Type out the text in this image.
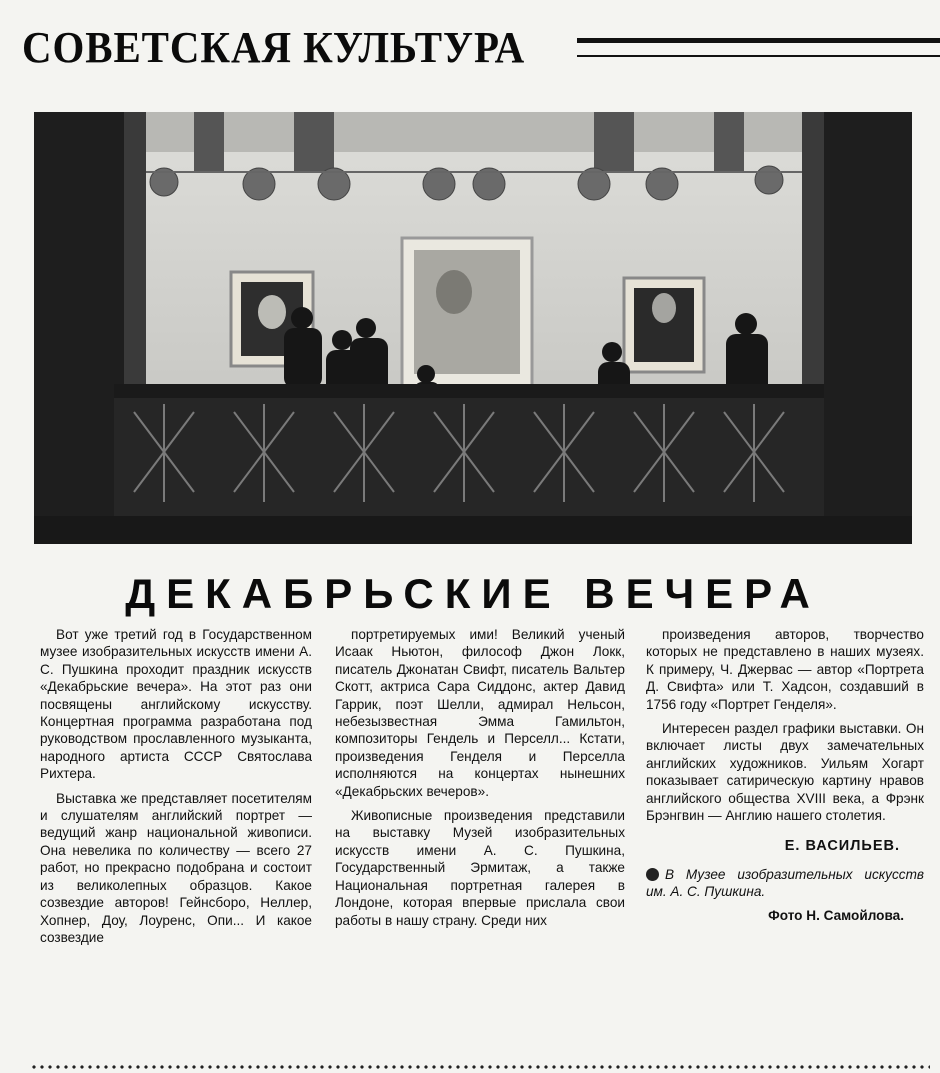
СОВЕТСКАЯ КУЛЬТУРА
ДЕКАБРЬСКИЕ ВЕЧЕРА

Вот уже третий год в Государственном музее изобразительных искусств имени А. С. Пушкина проходит праздник искусств «Декабрьские вечера». На этот раз они посвящены английскому искусству. Концертная программа разработана под руководством прославленного музыканта, народного артиста СССР Святослава Рихтера.

Выставка же представляет посетителям и слушателям английский портрет — ведущий жанр национальной живописи. Она невелика по количеству — всего 27 работ, но прекрасно подобрана и состоит из великолепных образцов. Какое созвездие авторов! Гейнсборо, Неллер, Хопнер, Доу, Лоуренс, Опи... И какое созвездие

портретируемых ими! Великий ученый Исаак Ньютон, философ Джон Локк, писатель Джонатан Свифт, писатель Вальтер Скотт, актриса Сара Сиддонс, актер Давид Гаррик, поэт Шелли, адмирал Нельсон, небезызвестная Эмма Гамильтон, композиторы Гендель и Перселл... Кстати, произведения Генделя и Перселла исполняются на концертах нынешних «Декабрьских вечеров».

Живописные произведения представили на выставку Музей изобразительных искусств имени А. С. Пушкина, Государственный Эрмитаж, а также Национальная портретная галерея в Лондоне, которая впервые прислала свои работы в нашу страну. Среди них

произведения авторов, творчество которых не представлено в наших музеях. К примеру, Ч. Джервас — автор «Портрета Д. Свифта» или Т. Хадсон, создавший в 1756 году «Портрет Генделя».

Интересен раздел графики выставки. Он включает листы двух замечательных английских художников. Уильям Хогарт показывает сатирическую картину нравов английского общества XVIII века, а Фрэнк Брэнгвин — Англию нашего столетия.

Е. ВАСИЛЬЕВ.

В Музее изобразительных искусств им. А. С. Пушкина.

Фото Н. Самойлова.
